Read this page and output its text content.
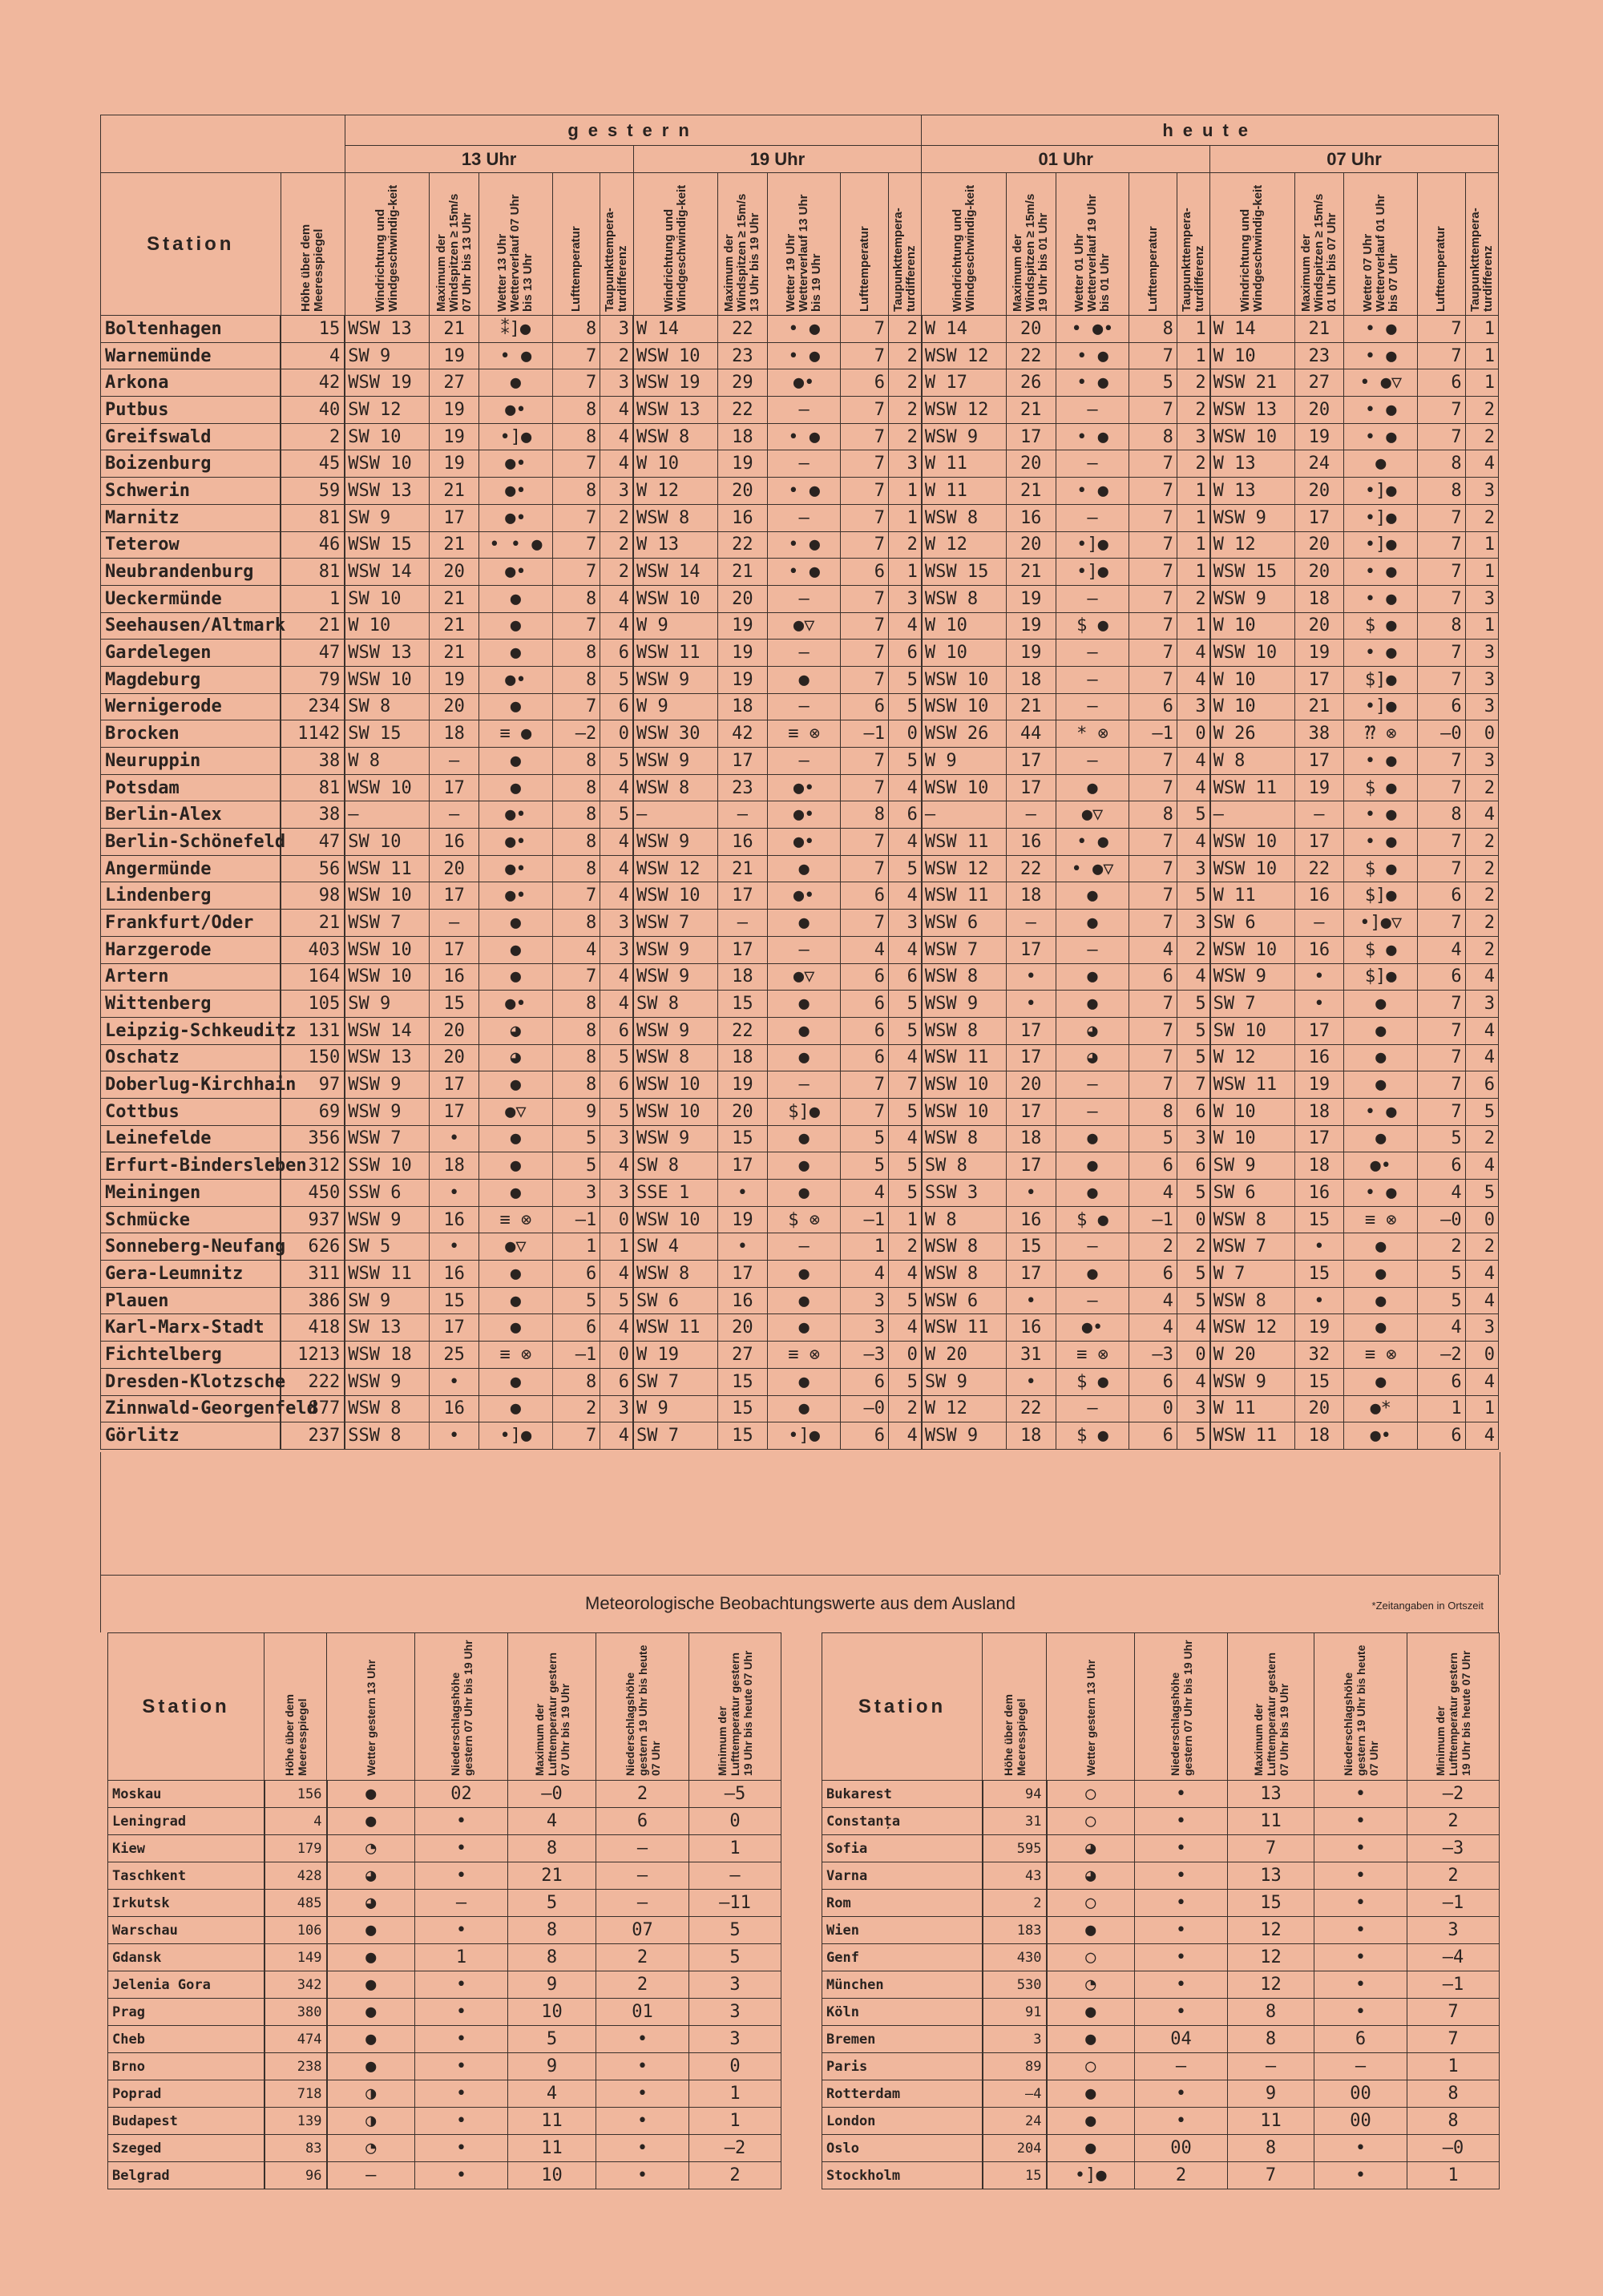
		gestern										heute									
		13 Uhr					19 Uhr					01 Uhr					07 Uhr				
Station	Höhe über dem Meeresspiegel	Windrichtung und Windgeschwindig-keit	Maximum der Windspitzen ≥ 15m/s 07 Uhr bis 13 Uhr	Wetter 13 Uhr Wetterverlauf 07 Uhr bis 13 Uhr	Lufttemperatur	Taupunkttempera-turdifferenz	Windrichtung und Windgeschwindig-keit	Maximum der Windspitzen ≥ 15m/s 13 Uhr bis 19 Uhr	Wetter 19 Uhr Wetterverlauf 13 Uhr bis 19 Uhr	Lufttemperatur	Taupunkttempera-turdifferenz	Windrichtung und Windgeschwindig-keit	Maximum der Windspitzen ≥ 15m/s 19 Uhr bis 01 Uhr	Wetter 01 Uhr Wetterverlauf 19 Uhr bis 01 Uhr	Lufttemperatur	Taupunkttempera-turdifferenz	Windrichtung und Windgeschwindig-keit	Maximum der Windspitzen ≥ 15m/s 01 Uhr bis 07 Uhr	Wetter 07 Uhr Wetterverlauf 01 Uhr bis 07 Uhr	Lufttemperatur	Taupunkttempera-turdifferenz

Boltenhagen	15	WSW 13	21	⁑]●	8	3	W 14	22	• ●	7	2	W 14	20	• ●•	8	1	W 14	21	• ●	7	1
Warnemünde	4	SW 9	19	• ●	7	2	WSW 10	23	• ●	7	2	WSW 12	22	• ●	7	1	W 10	23	• ●	7	1
Arkona	42	WSW 19	27	●	7	3	WSW 19	29	●•	6	2	W 17	26	• ●	5	2	WSW 21	27	• ●▽	6	1
Putbus	40	SW 12	19	●•	8	4	WSW 13	22	–	7	2	WSW 12	21	–	7	2	WSW 13	20	• ●	7	2
Greifswald	2	SW 10	19	•]●	8	4	WSW 8	18	• ●	7	2	WSW 9	17	• ●	8	3	WSW 10	19	• ●	7	2
Boizenburg	45	WSW 10	19	●•	7	4	W 10	19	–	7	3	W 11	20	–	7	2	W 13	24	●	8	4
Schwerin	59	WSW 13	21	●•	8	3	W 12	20	• ●	7	1	W 11	21	• ●	7	1	W 13	20	•]●	8	3
Marnitz	81	SW 9	17	●•	7	2	WSW 8	16	–	7	1	WSW 8	16	–	7	1	WSW 9	17	•]●	7	2
Teterow	46	WSW 15	21	• • ●	7	2	W 13	22	• ●	7	2	W 12	20	•]●	7	1	W 12	20	•]●	7	1
Neubrandenburg	81	WSW 14	20	●•	7	2	WSW 14	21	• ●	6	1	WSW 15	21	•]●	7	1	WSW 15	20	• ●	7	1
Ueckermünde	1	SW 10	21	●	8	4	WSW 10	20	–	7	3	WSW 8	19	–	7	2	WSW 9	18	• ●	7	3
Seehausen/Altmark	21	W 10	21	●	7	4	W 9	19	●▽	7	4	W 10	19	$ ●	7	1	W 10	20	$ ●	8	1
Gardelegen	47	WSW 13	21	●	8	6	WSW 11	19	–	7	6	W 10	19	–	7	4	WSW 10	19	• ●	7	3
Magdeburg	79	WSW 10	19	●•	8	5	WSW 9	19	●	7	5	WSW 10	18	–	7	4	W 10	17	$]●	7	3
Wernigerode	234	SW 8	20	●	7	6	W 9	18	–	6	5	WSW 10	21	–	6	3	W 10	21	•]●	6	3
Brocken	1142	SW 15	18	≡ ●	–2	0	WSW 30	42	≡ ⊗	–1	0	WSW 26	44	* ⊗	–1	0	W 26	38	⁇ ⊗	–0	0
Neuruppin	38	W 8	–	●	8	5	WSW 9	17	–	7	5	W 9	17	–	7	4	W 8	17	• ●	7	3
Potsdam	81	WSW 10	17	●	8	4	WSW 8	23	●•	7	4	WSW 10	17	●	7	4	WSW 11	19	$ ●	7	2
Berlin-Alex	38	–	–	●•	8	5	–	–	●•	8	6	–	–	●▽	8	5	–	–	• ●	8	4
Berlin-Schönefeld	47	SW 10	16	●•	8	4	WSW 9	16	●•	7	4	WSW 11	16	• ●	7	4	WSW 10	17	• ●	7	2
Angermünde	56	WSW 11	20	●•	8	4	WSW 12	21	●	7	5	WSW 12	22	• ●▽	7	3	WSW 10	22	$ ●	7	2
Lindenberg	98	WSW 10	17	●•	7	4	WSW 10	17	●•	6	4	WSW 11	18	●	7	5	W 11	16	$]●	6	2
Frankfurt/Oder	21	WSW 7	–	●	8	3	WSW 7	–	●	7	3	WSW 6	–	●	7	3	SW 6	–	•]●▽	7	2
Harzgerode	403	WSW 10	17	●	4	3	WSW 9	17	–	4	4	WSW 7	17	–	4	2	WSW 10	16	$ ●	4	2
Artern	164	WSW 10	16	●	7	4	WSW 9	18	●▽	6	6	WSW 8	•	●	6	4	WSW 9	•	$]●	6	4
Wittenberg	105	SW 9	15	●•	8	4	SW 8	15	●	6	5	WSW 9	•	●	7	5	SW 7	•	●	7	3
Leipzig-Schkeuditz	131	WSW 14	20	◕	8	6	WSW 9	22	●	6	5	WSW 8	17	◕	7	5	SW 10	17	●	7	4
Oschatz	150	WSW 13	20	◕	8	5	WSW 8	18	●	6	4	WSW 11	17	◕	7	5	W 12	16	●	7	4
Doberlug-Kirchhain	97	WSW 9	17	●	8	6	WSW 10	19	–	7	7	WSW 10	20	–	7	7	WSW 11	19	●	7	6
Cottbus	69	WSW 9	17	●▽	9	5	WSW 10	20	$]●	7	5	WSW 10	17	–	8	6	W 10	18	• ●	7	5
Leinefelde	356	WSW 7	•	●	5	3	WSW 9	15	●	5	4	WSW 8	18	●	5	3	W 10	17	●	5	2
Erfurt-Bindersleben	312	SSW 10	18	●	5	4	SW 8	17	●	5	5	SW 8	17	●	6	6	SW 9	18	●•	6	4
Meiningen	450	SSW 6	•	●	3	3	SSE 1	•	●	4	5	SSW 3	•	●	4	5	SW 6	16	• ●	4	5
Schmücke	937	WSW 9	16	≡ ⊗	–1	0	WSW 10	19	$ ⊗	–1	1	W 8	16	$ ●	–1	0	WSW 8	15	≡ ⊗	–0	0
Sonneberg-Neufang	626	SW 5	•	●▽	1	1	SW 4	•	–	1	2	WSW 8	15	–	2	2	WSW 7	•	●	2	2
Gera-Leumnitz	311	WSW 11	16	●	6	4	WSW 8	17	●	4	4	WSW 8	17	●	6	5	W 7	15	●	5	4
Plauen	386	SW 9	15	●	5	5	SW 6	16	●	3	5	WSW 6	•	–	4	5	WSW 8	•	●	5	4
Karl-Marx-Stadt	418	SW 13	17	●	6	4	WSW 11	20	●	3	4	WSW 11	16	●•	4	4	WSW 12	19	●	4	3
Fichtelberg	1213	WSW 18	25	≡ ⊗	–1	0	W 19	27	≡ ⊗	–3	0	W 20	31	≡ ⊗	–3	0	W 20	32	≡ ⊗	–2	0
Dresden-Klotzsche	222	WSW 9	•	●	8	6	SW 7	15	●	6	5	SW 9	•	$ ●	6	4	WSW 9	15	●	6	4
Zinnwald-Georgenfeld	877	WSW 8	16	●	2	3	W 9	15	●	–0	2	W 12	22	–	0	3	W 11	20	●*	1	1
Görlitz	237	SSW 8	•	•]●	7	4	SW 7	15	•]●	6	4	WSW 9	18	$ ●	6	5	WSW 11	18	●•	6	4
Meteorologische Beobachtungswerte aus dem Ausland	*Zeitangaben in Ortszeit
Station	Höhe über dem Meeresspiegel	Wetter gestern 13 Uhr	Niederschlagshöhe gestern 07 Uhr bis 19 Uhr	Maximum der Lufttemperatur gestern 07 Uhr bis 19 Uhr	Niederschlagshöhe gestern 19 Uhr bis heute 07 Uhr	Minimum der Lufttemperatur gestern 19 Uhr bis heute 07 Uhr

Moskau	156	●	02	–0	2	–5
Leningrad	4	●	•	4	6	0
Kiew	179	◔	•	8	–	1
Taschkent	428	◕	•	21	–	–
Irkutsk	485	◕	–	5	–	–11
Warschau	106	●	•	8	07	5
Gdansk	149	●	1	8	2	5
Jelenia Gora	342	●	•	9	2	3
Prag	380	●	•	10	01	3
Cheb	474	●	•	5	•	3
Brno	238	●	•	9	•	0
Poprad	718	◑	•	4	•	1
Budapest	139	◑	•	11	•	1
Szeged	83	◔	•	11	•	–2
Belgrad	96	–	•	10	•	2
Station	Höhe über dem Meeresspiegel	Wetter gestern 13 Uhr	Niederschlagshöhe gestern 07 Uhr bis 19 Uhr	Maximum der Lufttemperatur gestern 07 Uhr bis 19 Uhr	Niederschlagshöhe gestern 19 Uhr bis heute 07 Uhr	Minimum der Lufttemperatur gestern 19 Uhr bis heute 07 Uhr

Bukarest	94	○	•	13	•	–2
Constanța	31	○	•	11	•	2
Sofia	595	◕	•	7	•	–3
Varna	43	◕	•	13	•	2
Rom	2	○	•	15	•	–1
Wien	183	●	•	12	•	3
Genf	430	○	•	12	•	–4
München	530	◔	•	12	•	–1
Köln	91	●	•	8	•	7
Bremen	3	●	04	8	6	7
Paris	89	○	–	–	–	1
Rotterdam	–4	●	•	9	00	8
London	24	●	•	11	00	8
Oslo	204	●	00	8	•	–0
Stockholm	15	•]●	2	7	•	1
